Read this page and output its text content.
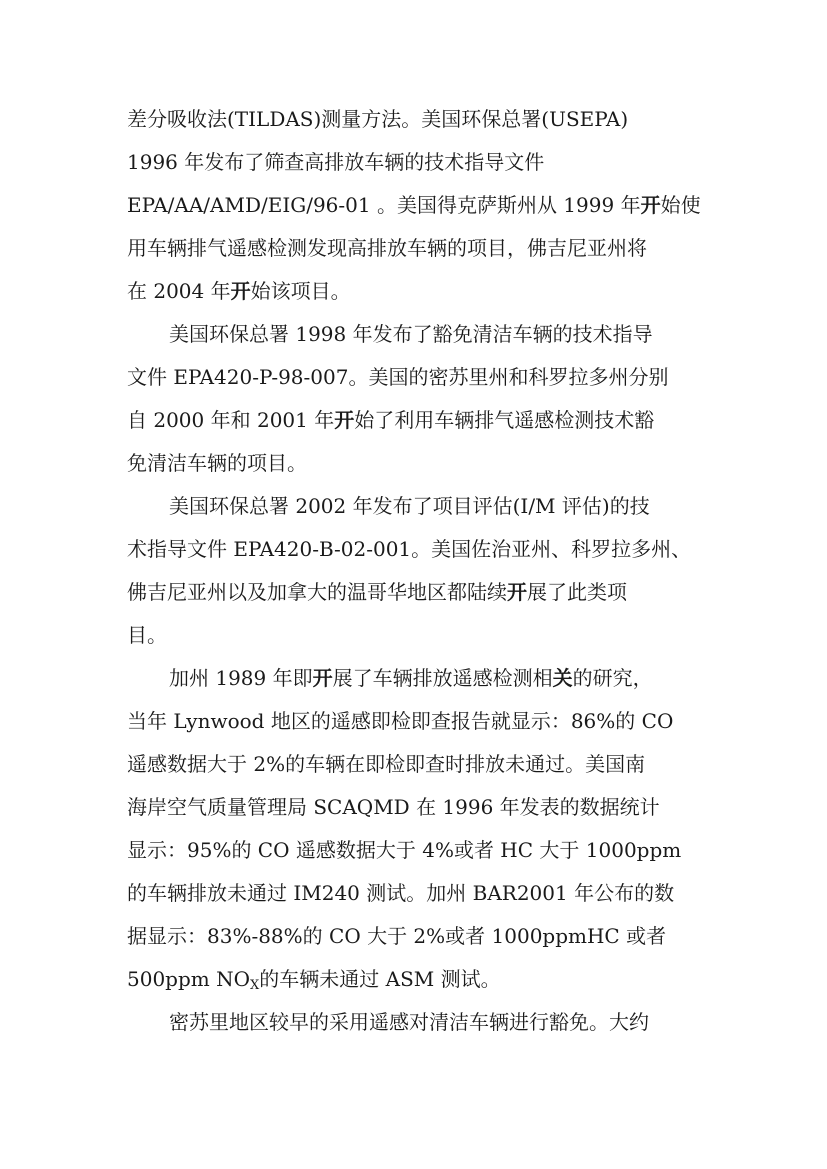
差分吸收法(TILDAS)测量方法。美国环保总署(USEPA)
1996 年发布了筛查高排放车辆的技术指导文件
EPA/AA/AMD/EIG/96-01 。美国得克萨斯州从 1999 年开始使
用车辆排气遥感检测发现高排放车辆的项目，佛吉尼亚州将
在 2004 年开始该项目。
美国环保总署 1998 年发布了豁免清洁车辆的技术指导
文件 EPA420-P-98-007。美国的密苏里州和科罗拉多州分别
自 2000 年和 2001 年开始了利用车辆排气遥感检测技术豁
免清洁车辆的项目。
美国环保总署 2002 年发布了项目评估(I/M 评估)的技
术指导文件 EPA420-B-02-001。美国佐治亚州、科罗拉多州、
佛吉尼亚州以及加拿大的温哥华地区都陆续开展了此类项
目。
加州 1989 年即开展了车辆排放遥感检测相关的研究，
当年 Lynwood 地区的遥感即检即查报告就显示：86%的 CO
遥感数据大于 2%的车辆在即检即查时排放未通过。美国南
海岸空气质量管理局 SCAQMD 在 1996 年发表的数据统计
显示：95%的 CO 遥感数据大于 4%或者 HC 大于 1000ppm
的车辆排放未通过 IM240 测试。加州 BAR2001 年公布的数
据显示：83%-88%的 CO 大于 2%或者 1000ppmHC 或者
500ppm $NO_X$的车辆未通过 ASM 测试。
密苏里地区较早的采用遥感对清洁车辆进行豁免。大约
